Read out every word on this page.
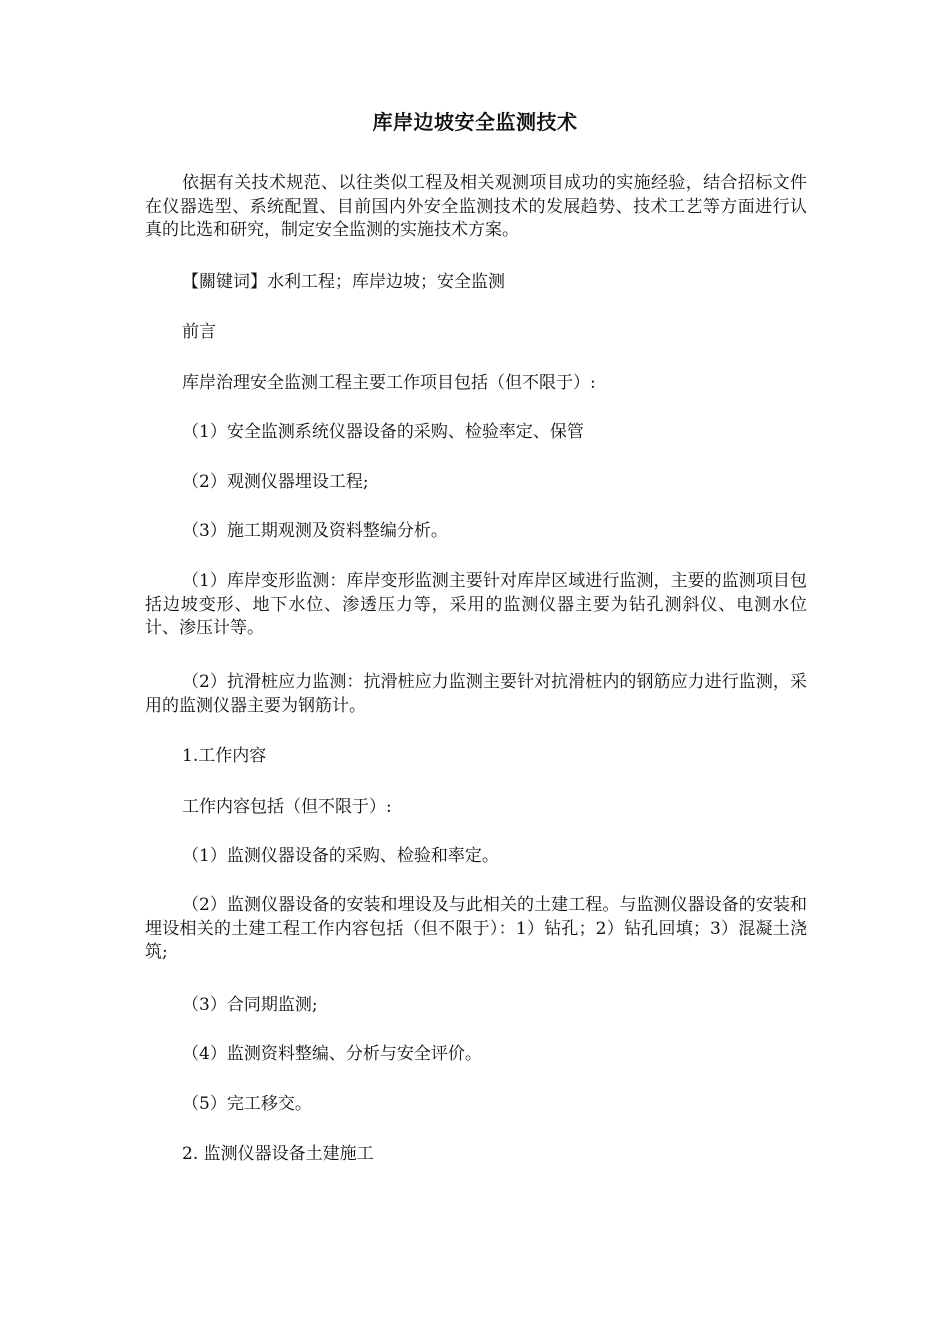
库岸边坡安全监测技术

依据有关技术规范、以往类似工程及相关观测项目成功的实施经验，结合招标文件在仪器选型、系统配置、目前国内外安全监测技术的发展趋势、技术工艺等方面进行认真的比选和研究，制定安全监测的实施技术方案。

【關键词】水利工程；库岸边坡；安全监测

前言

库岸治理安全监测工程主要工作项目包括（但不限于）:

（1）安全监测系统仪器设备的采购、检验率定、保管

（2）观测仪器埋设工程;

（3）施工期观测及资料整编分析。

（1）库岸变形监测：库岸变形监测主要针对库岸区域进行监测，主要的监测项目包括边坡变形、地下水位、渗透压力等，采用的监测仪器主要为钻孔测斜仪、电测水位计、渗压计等。

（2）抗滑桩应力监测：抗滑桩应力监测主要针对抗滑桩内的钢筋应力进行监测，采用的监测仪器主要为钢筋计。

1.工作内容

工作内容包括（但不限于）:

（1）监测仪器设备的采购、检验和率定。

（2）监测仪器设备的安装和埋设及与此相关的土建工程。与监测仪器设备的安装和埋设相关的土建工程工作内容包括（但不限于）：1）钻孔；2）钻孔回填；3）混凝土浇筑;

（3）合同期监测;

（4）监测资料整编、分析与安全评价。

（5）完工移交。

2. 监测仪器设备土建施工
